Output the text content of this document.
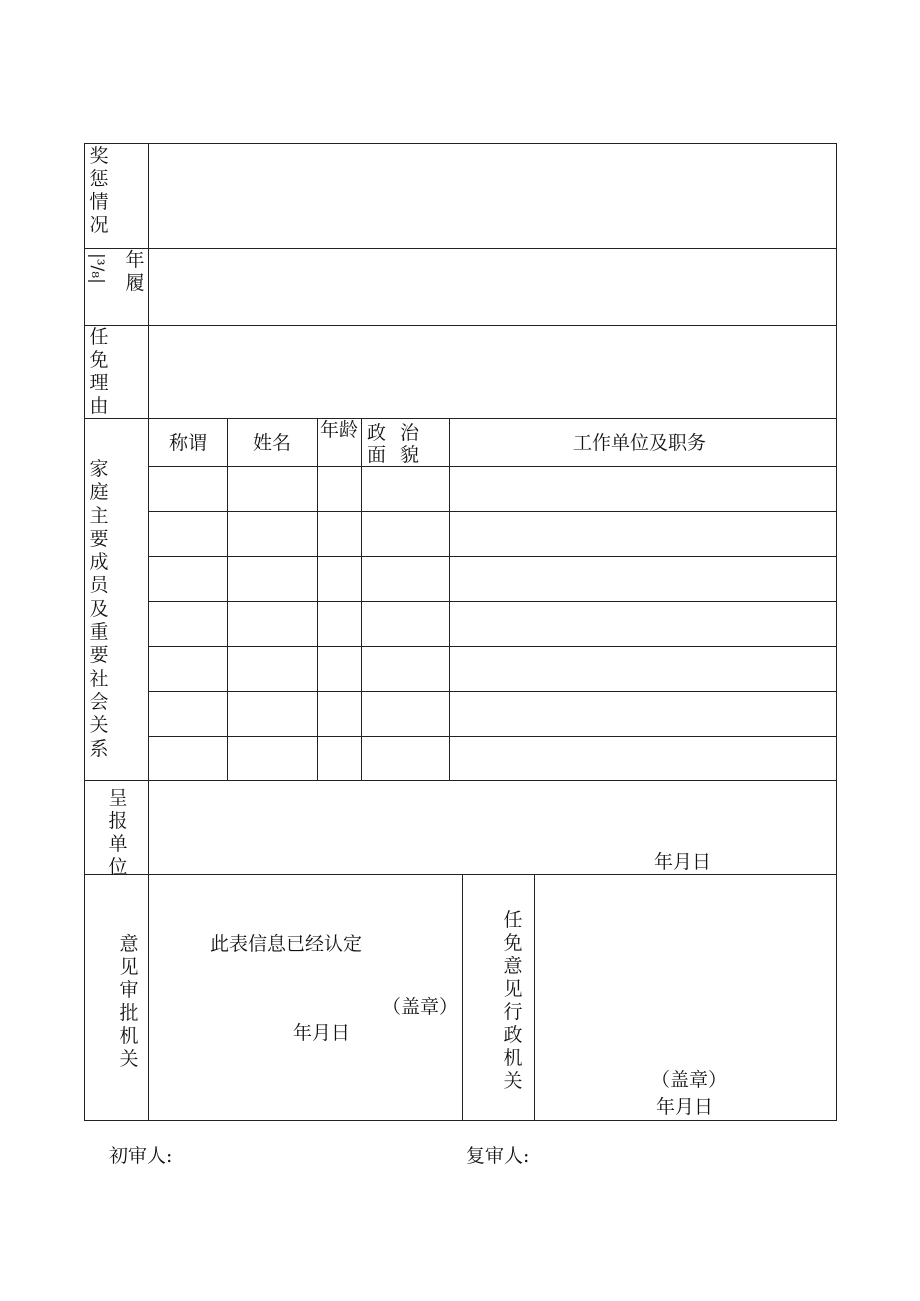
奖惩情况
|³/₈| 年履
任免理由
家庭主要成员及重要社会关系
呈报单位
意见审批机关
任免意见行政机关
称谓 姓名
年龄 政 治
面 貌
工作单位及职务
年月日
此表信息已经认定
（盖章）
年月日
（盖章）
年月日
初审人:	复审人:
